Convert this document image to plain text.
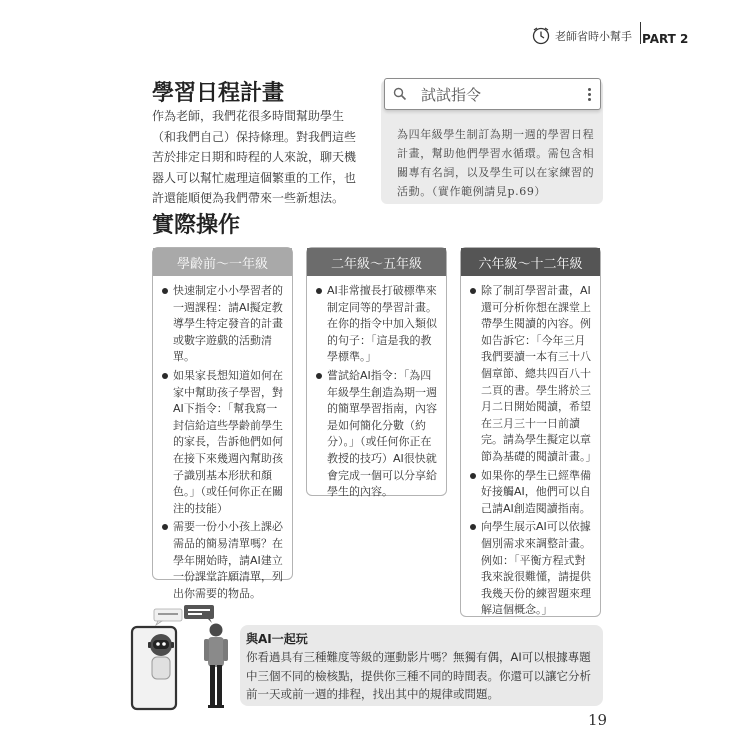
老師省時小幫手 PART 2
學習日程計畫

作為老師，我們花很多時間幫助學生（和我們自己）保持條理。對我們這些苦於排定日期和時程的人來說，聊天機器人可以幫忙處理這個繁重的工作，也許還能順便為我們帶來一些新想法。

試試指令

為四年級學生制訂為期一週的學習日程計畫，幫助他們學習水循環。需包含相關專有名詞，以及學生可以在家練習的活動。（實作範例請見p.69）

實際操作
學齡前～一年級
快速制定小小學習者的一週課程：請AI擬定教導學生特定發音的計畫或數字遊戲的活動清單。
如果家長想知道如何在家中幫助孩子學習，對AI下指令：「幫我寫一封信給這些學齡前學生的家長，告訴他們如何在接下來幾週內幫助孩子識別基本形狀和顏色。」（或任何你正在關注的技能）
需要一份小小孩上課必需品的簡易清單嗎？在學年開始時，請AI建立一份課堂許願清單，列出你需要的物品。
二年級～五年級
AI非常擅長打破標準來制定同等的學習計畫。在你的指令中加入類似的句子：「這是我的教學標準。」
嘗試給AI指令：「為四年級學生創造為期一週的簡單學習指南，內容是如何簡化分數（約分）。」（或任何你正在教授的技巧）AI很快就會完成一個可以分享給學生的內容。
六年級～十二年級
除了制訂學習計畫，AI還可分析你想在課堂上帶學生閱讀的內容。例如告訴它：「今年三月我們要讀一本有三十八個章節、總共四百八十二頁的書。學生將於三月二日開始閱讀，希望在三月三十一日前讀完。請為學生擬定以章節為基礎的閱讀計畫。」
如果你的學生已經準備好接觸AI，他們可以自己請AI創造閱讀指南。
向學生展示AI可以依據個別需求來調整計畫。例如：「平衡方程式對我來說很難懂，請提供我幾天份的練習題來理解這個概念。」
與AI一起玩

你看過具有三種難度等級的運動影片嗎？無獨有偶，AI可以根據專題中三個不同的檢核點，提供你三種不同的時間表。你還可以讓它分析前一天或前一週的排程，找出其中的規律或問題。

19
